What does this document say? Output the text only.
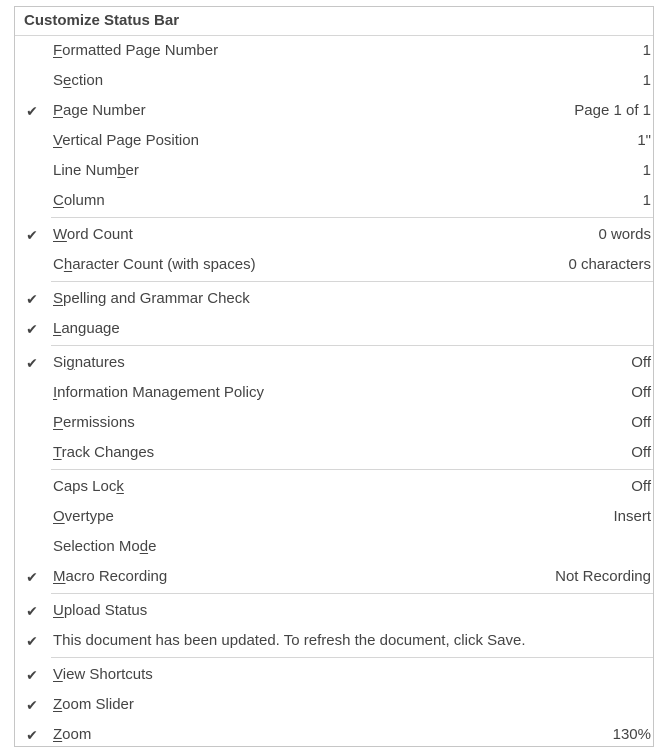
Customize Status Bar
Formatted Page Number	1
Section	1
✔ Page Number	Page 1 of 1
Vertical Page Position	1"
Line Number	1
Column	1
✔ Word Count	0 words
Character Count (with spaces)	0 characters
✔ Spelling and Grammar Check
✔ Language
✔ Signatures	Off
Information Management Policy	Off
Permissions	Off
Track Changes	Off
Caps Lock	Off
Overtype	Insert
Selection Mode
✔ Macro Recording	Not Recording
✔ Upload Status
✔ This document has been updated. To refresh the document, click Save.
✔ View Shortcuts
✔ Zoom Slider
✔ Zoom	130%
